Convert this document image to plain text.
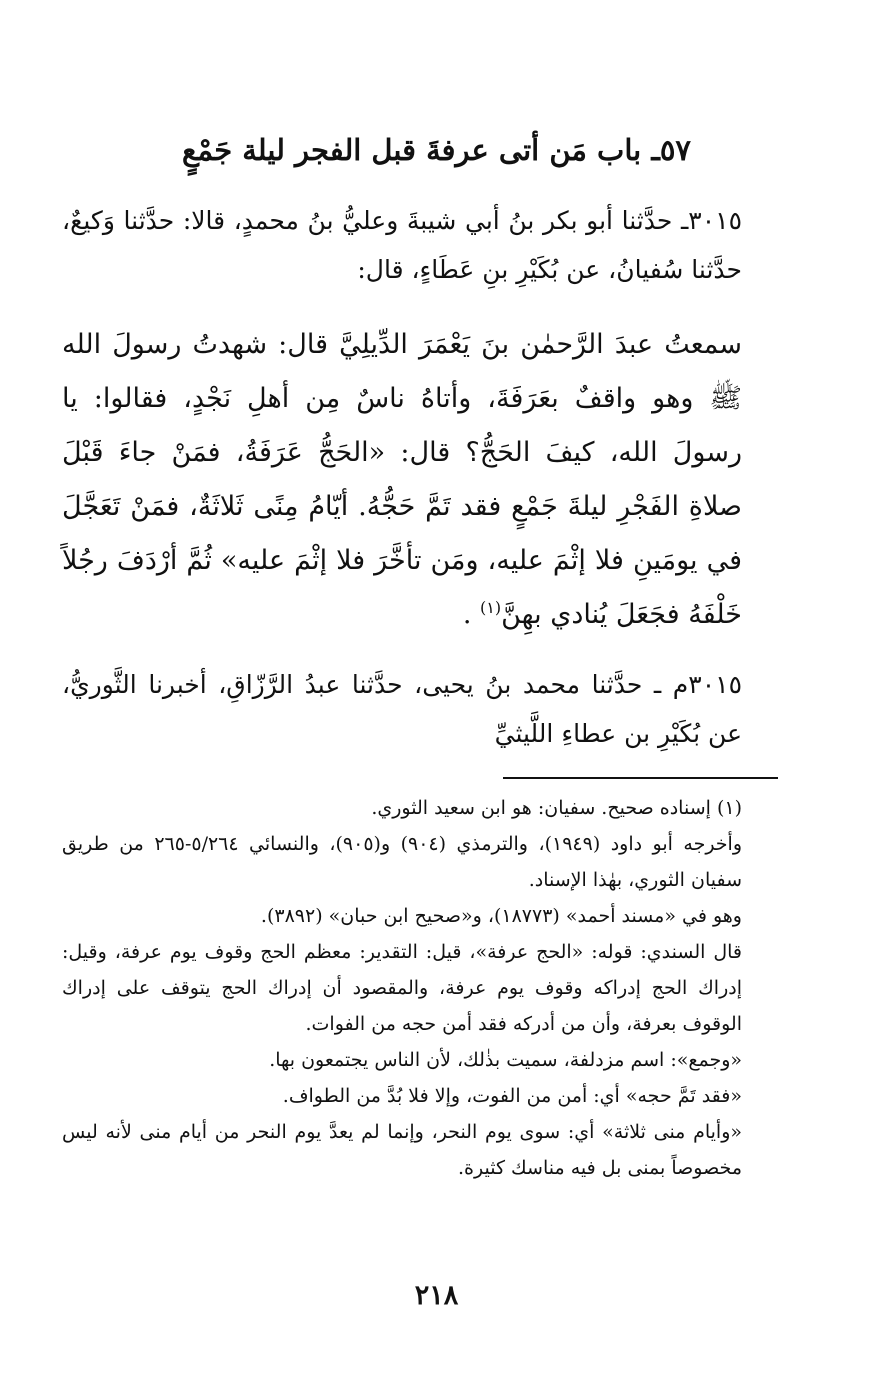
٥٧ـ باب مَن أتى عرفةَ قبل الفجر ليلة جَمْعٍ

٣٠١٥ـ حدَّثنا أبو بكر بنُ أبي شيبةَ وعليُّ بنُ محمدٍ، قالا: حدَّثنا وَكيعٌ، حدَّثنا سُفيانُ، عن بُكَيْرِ بنِ عَطَاءٍ، قال:

سمعتُ عبدَ الرَّحمٰن بنَ يَعْمَرَ الدِّيلِيَّ قال: شهدتُ رسولَ الله ﷺ وهو واقفٌ بعَرَفَةَ، وأتاهُ ناسٌ مِن أهلِ نَجْدٍ، فقالوا: يا رسولَ الله، كيفَ الحَجُّ؟ قال: «الحَجُّ عَرَفَةُ، فمَنْ جاءَ قَبْلَ صلاةِ الفَجْرِ ليلةَ جَمْعٍ فقد تَمَّ حَجُّهُ. أيّامُ مِنًى ثَلاثَةٌ، فمَنْ تَعَجَّلَ في يومَينِ فلا إثْمَ عليه، ومَن تأخَّرَ فلا إثْمَ عليه» ثُمَّ أرْدَفَ رجُلاً خَلْفَهُ فجَعَلَ يُنادي بهِنَّ$^{(١)}$ .

٣٠١٥م ـ حدَّثنا محمد بنُ يحيى، حدَّثنا عبدُ الرَّزّاقِ، أخبرنا الثَّوريُّ، عن بُكَيْرِ بن عطاءِ اللَّيثيِّ

(١) إسناده صحيح. سفيان: هو ابن سعيد الثوري.

وأخرجه أبو داود (١٩٤٩)، والترمذي (٩٠٤) و(٩٠٥)، والنسائي ٥/٢٦٤-٢٦٥ من طريق سفيان الثوري، بهٰذا الإسناد.

وهو في «مسند أحمد» (١٨٧٧٣)، و«صحيح ابن حبان» (٣٨٩٢).

قال السندي: قوله: «الحج عرفة»، قيل: التقدير: معظم الحج وقوف يوم عرفة، وقيل: إدراك الحج إدراكه وقوف يوم عرفة، والمقصود أن إدراك الحج يتوقف على إدراك الوقوف بعرفة، وأن من أدركه فقد أمن حجه من الفوات.

«وجمع»: اسم مزدلفة، سميت بذٰلك، لأن الناس يجتمعون بها.

«فقد تَمَّ حجه» أي: أمن من الفوت، وإلا فلا بُدَّ من الطواف.

«وأيام منى ثلاثة» أي: سوى يوم النحر، وإنما لم يعدَّ يوم النحر من أيام منى لأنه ليس مخصوصاً بمنى بل فيه مناسك كثيرة.

٢١٨
